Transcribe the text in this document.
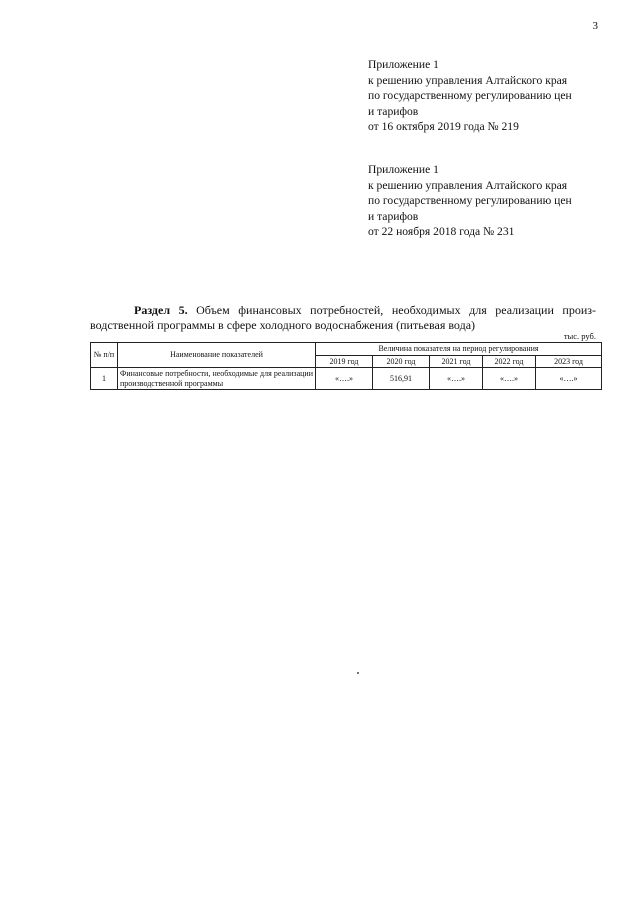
3
Приложение 1
к решению управления Алтайского края
по государственному регулированию цен
и тарифов
от 16 октября 2019 года № 219
Приложение 1
к решению управления Алтайского края
по государственному регулированию цен
и тарифов
от 22 ноября 2018 года № 231
Раздел 5. Объем финансовых потребностей, необходимых для реализации произ-
водственной программы в сфере холодного водоснабжения (питьевая вода)
тыс. руб.
№ п/п	Наименование показателей	Величина показателя на период регулирования				
		2019 год	2020 год	2021 год	2022 год	2023 год
1	Финансовые потребности, необходимые для реализации производственной программы	«….»	516,91	«….»	«….»	«….»
